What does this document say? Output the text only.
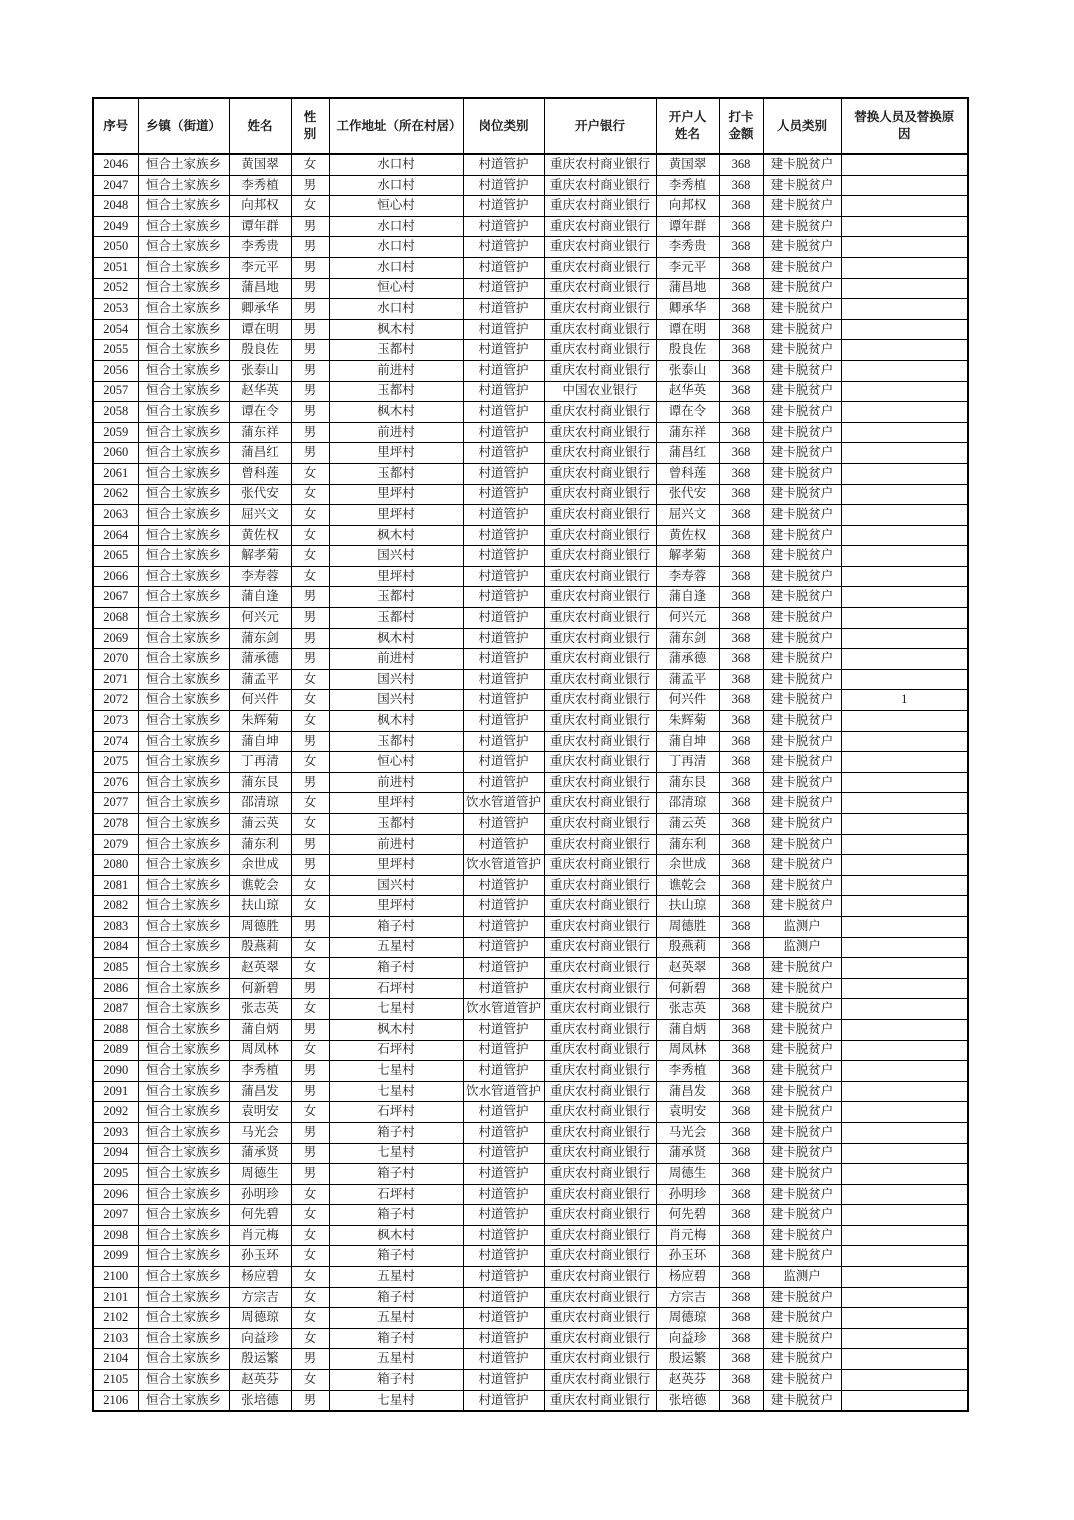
序号	乡镇（街道）	姓名	性别	工作地址（所在村居）	岗位类别	开户银行	开户人姓名	打卡金额	人员类别	替换人员及替换原因
2046	恒合土家族乡	黄国翠	女	水口村	村道管护	重庆农村商业银行	黄国翠	368	建卡脱贫户	
2047	恒合土家族乡	李秀植	男	水口村	村道管护	重庆农村商业银行	李秀植	368	建卡脱贫户	
2048	恒合土家族乡	向邦权	女	恒心村	村道管护	重庆农村商业银行	向邦权	368	建卡脱贫户	
2049	恒合土家族乡	谭年群	男	水口村	村道管护	重庆农村商业银行	谭年群	368	建卡脱贫户	
2050	恒合土家族乡	李秀贵	男	水口村	村道管护	重庆农村商业银行	李秀贵	368	建卡脱贫户	
2051	恒合土家族乡	李元平	男	水口村	村道管护	重庆农村商业银行	李元平	368	建卡脱贫户	
2052	恒合土家族乡	蒲昌地	男	恒心村	村道管护	重庆农村商业银行	蒲昌地	368	建卡脱贫户	
2053	恒合土家族乡	卿承华	男	水口村	村道管护	重庆农村商业银行	卿承华	368	建卡脱贫户	
2054	恒合土家族乡	谭在明	男	枫木村	村道管护	重庆农村商业银行	谭在明	368	建卡脱贫户	
2055	恒合土家族乡	殷良佐	男	玉都村	村道管护	重庆农村商业银行	殷良佐	368	建卡脱贫户	
2056	恒合土家族乡	张泰山	男	前进村	村道管护	重庆农村商业银行	张泰山	368	建卡脱贫户	
2057	恒合土家族乡	赵华英	男	玉都村	村道管护	中国农业银行	赵华英	368	建卡脱贫户	
2058	恒合土家族乡	谭在令	男	枫木村	村道管护	重庆农村商业银行	谭在令	368	建卡脱贫户	
2059	恒合土家族乡	蒲东祥	男	前进村	村道管护	重庆农村商业银行	蒲东祥	368	建卡脱贫户	
2060	恒合土家族乡	蒲昌红	男	里坪村	村道管护	重庆农村商业银行	蒲昌红	368	建卡脱贫户	
2061	恒合土家族乡	曾科莲	女	玉都村	村道管护	重庆农村商业银行	曾科莲	368	建卡脱贫户	
2062	恒合土家族乡	张代安	女	里坪村	村道管护	重庆农村商业银行	张代安	368	建卡脱贫户	
2063	恒合土家族乡	屈兴文	女	里坪村	村道管护	重庆农村商业银行	屈兴文	368	建卡脱贫户	
2064	恒合土家族乡	黄佐权	女	枫木村	村道管护	重庆农村商业银行	黄佐权	368	建卡脱贫户	
2065	恒合土家族乡	解孝菊	女	国兴村	村道管护	重庆农村商业银行	解孝菊	368	建卡脱贫户	
2066	恒合土家族乡	李寿蓉	女	里坪村	村道管护	重庆农村商业银行	李寿蓉	368	建卡脱贫户	
2067	恒合土家族乡	蒲自逢	男	玉都村	村道管护	重庆农村商业银行	蒲自逢	368	建卡脱贫户	
2068	恒合土家族乡	何兴元	男	玉都村	村道管护	重庆农村商业银行	何兴元	368	建卡脱贫户	
2069	恒合土家族乡	蒲东剑	男	枫木村	村道管护	重庆农村商业银行	蒲东剑	368	建卡脱贫户	
2070	恒合土家族乡	蒲承德	男	前进村	村道管护	重庆农村商业银行	蒲承德	368	建卡脱贫户	
2071	恒合土家族乡	蒲孟平	女	国兴村	村道管护	重庆农村商业银行	蒲孟平	368	建卡脱贫户	
2072	恒合土家族乡	何兴件	女	国兴村	村道管护	重庆农村商业银行	何兴件	368	建卡脱贫户	1
2073	恒合土家族乡	朱辉菊	女	枫木村	村道管护	重庆农村商业银行	朱辉菊	368	建卡脱贫户	
2074	恒合土家族乡	蒲自坤	男	玉都村	村道管护	重庆农村商业银行	蒲自坤	368	建卡脱贫户	
2075	恒合土家族乡	丁再清	女	恒心村	村道管护	重庆农村商业银行	丁再清	368	建卡脱贫户	
2076	恒合土家族乡	蒲东艮	男	前进村	村道管护	重庆农村商业银行	蒲东艮	368	建卡脱贫户	
2077	恒合土家族乡	邵清琼	女	里坪村	饮水管道管护	重庆农村商业银行	邵清琼	368	建卡脱贫户	
2078	恒合土家族乡	蒲云英	女	玉都村	村道管护	重庆农村商业银行	蒲云英	368	建卡脱贫户	
2079	恒合土家族乡	蒲东利	男	前进村	村道管护	重庆农村商业银行	蒲东利	368	建卡脱贫户	
2080	恒合土家族乡	余世成	男	里坪村	饮水管道管护	重庆农村商业银行	余世成	368	建卡脱贫户	
2081	恒合土家族乡	谯乾会	女	国兴村	村道管护	重庆农村商业银行	谯乾会	368	建卡脱贫户	
2082	恒合土家族乡	扶山琼	女	里坪村	村道管护	重庆农村商业银行	扶山琼	368	建卡脱贫户	
2083	恒合土家族乡	周德胜	男	箱子村	村道管护	重庆农村商业银行	周德胜	368	监测户	
2084	恒合土家族乡	殷燕莉	女	五星村	村道管护	重庆农村商业银行	殷燕莉	368	监测户	
2085	恒合土家族乡	赵英翠	女	箱子村	村道管护	重庆农村商业银行	赵英翠	368	建卡脱贫户	
2086	恒合土家族乡	何新碧	男	石坪村	村道管护	重庆农村商业银行	何新碧	368	建卡脱贫户	
2087	恒合土家族乡	张志英	女	七星村	饮水管道管护	重庆农村商业银行	张志英	368	建卡脱贫户	
2088	恒合土家族乡	蒲自炳	男	枫木村	村道管护	重庆农村商业银行	蒲自炳	368	建卡脱贫户	
2089	恒合土家族乡	周凤林	女	石坪村	村道管护	重庆农村商业银行	周凤林	368	建卡脱贫户	
2090	恒合土家族乡	李秀植	男	七星村	村道管护	重庆农村商业银行	李秀植	368	建卡脱贫户	
2091	恒合土家族乡	蒲昌发	男	七星村	饮水管道管护	重庆农村商业银行	蒲昌发	368	建卡脱贫户	
2092	恒合土家族乡	袁明安	女	石坪村	村道管护	重庆农村商业银行	袁明安	368	建卡脱贫户	
2093	恒合土家族乡	马光会	男	箱子村	村道管护	重庆农村商业银行	马光会	368	建卡脱贫户	
2094	恒合土家族乡	蒲承贤	男	七星村	村道管护	重庆农村商业银行	蒲承贤	368	建卡脱贫户	
2095	恒合土家族乡	周德生	男	箱子村	村道管护	重庆农村商业银行	周德生	368	建卡脱贫户	
2096	恒合土家族乡	孙明珍	女	石坪村	村道管护	重庆农村商业银行	孙明珍	368	建卡脱贫户	
2097	恒合土家族乡	何先碧	女	箱子村	村道管护	重庆农村商业银行	何先碧	368	建卡脱贫户	
2098	恒合土家族乡	肖元梅	女	枫木村	村道管护	重庆农村商业银行	肖元梅	368	建卡脱贫户	
2099	恒合土家族乡	孙玉环	女	箱子村	村道管护	重庆农村商业银行	孙玉环	368	建卡脱贫户	
2100	恒合土家族乡	杨应碧	女	五星村	村道管护	重庆农村商业银行	杨应碧	368	监测户	
2101	恒合土家族乡	方宗吉	女	箱子村	村道管护	重庆农村商业银行	方宗吉	368	建卡脱贫户	
2102	恒合土家族乡	周德琼	女	五星村	村道管护	重庆农村商业银行	周德琼	368	建卡脱贫户	
2103	恒合土家族乡	向益珍	女	箱子村	村道管护	重庆农村商业银行	向益珍	368	建卡脱贫户	
2104	恒合土家族乡	殷运繁	男	五星村	村道管护	重庆农村商业银行	殷运繁	368	建卡脱贫户	
2105	恒合土家族乡	赵英芬	女	箱子村	村道管护	重庆农村商业银行	赵英芬	368	建卡脱贫户	
2106	恒合土家族乡	张培德	男	七星村	村道管护	重庆农村商业银行	张培德	368	建卡脱贫户	
